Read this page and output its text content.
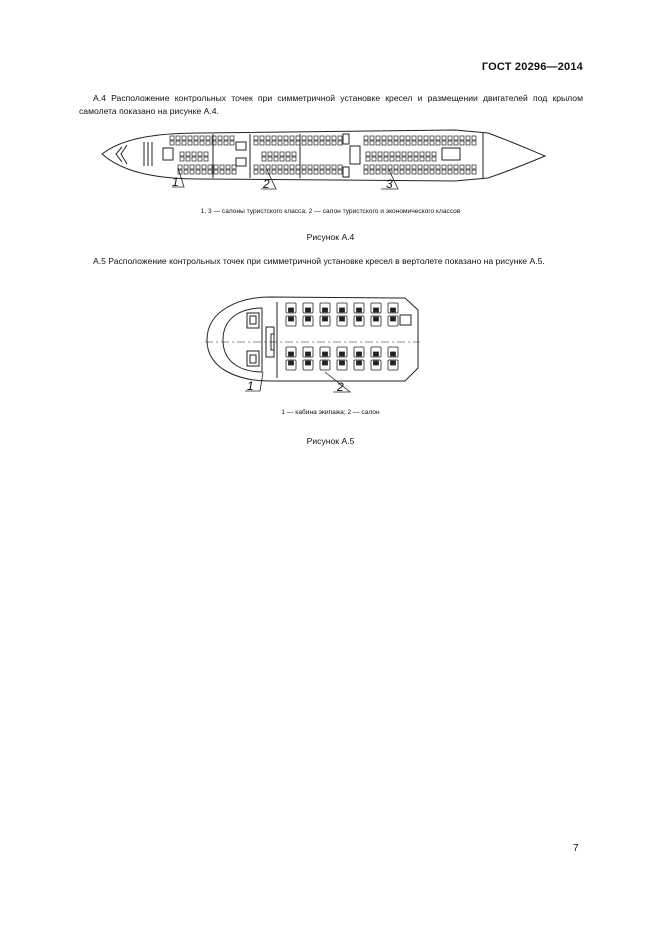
ГОСТ 20296—2014
А.4 Расположение контрольных точек при симметричной установке кресел и размещении двигателей под крылом самолета показано на рисунке А.4.
1	2	3
1, 3 — салоны туристского класса; 2 — салон туристского и экономического классов
Рисунок А.4
А.5 Расположение контрольных точек при симметричной установке кресел в вертолете показано на рисунке А.5.
1	2
1 — кабина экипажа; 2 — салон
Рисунок А.5
7
